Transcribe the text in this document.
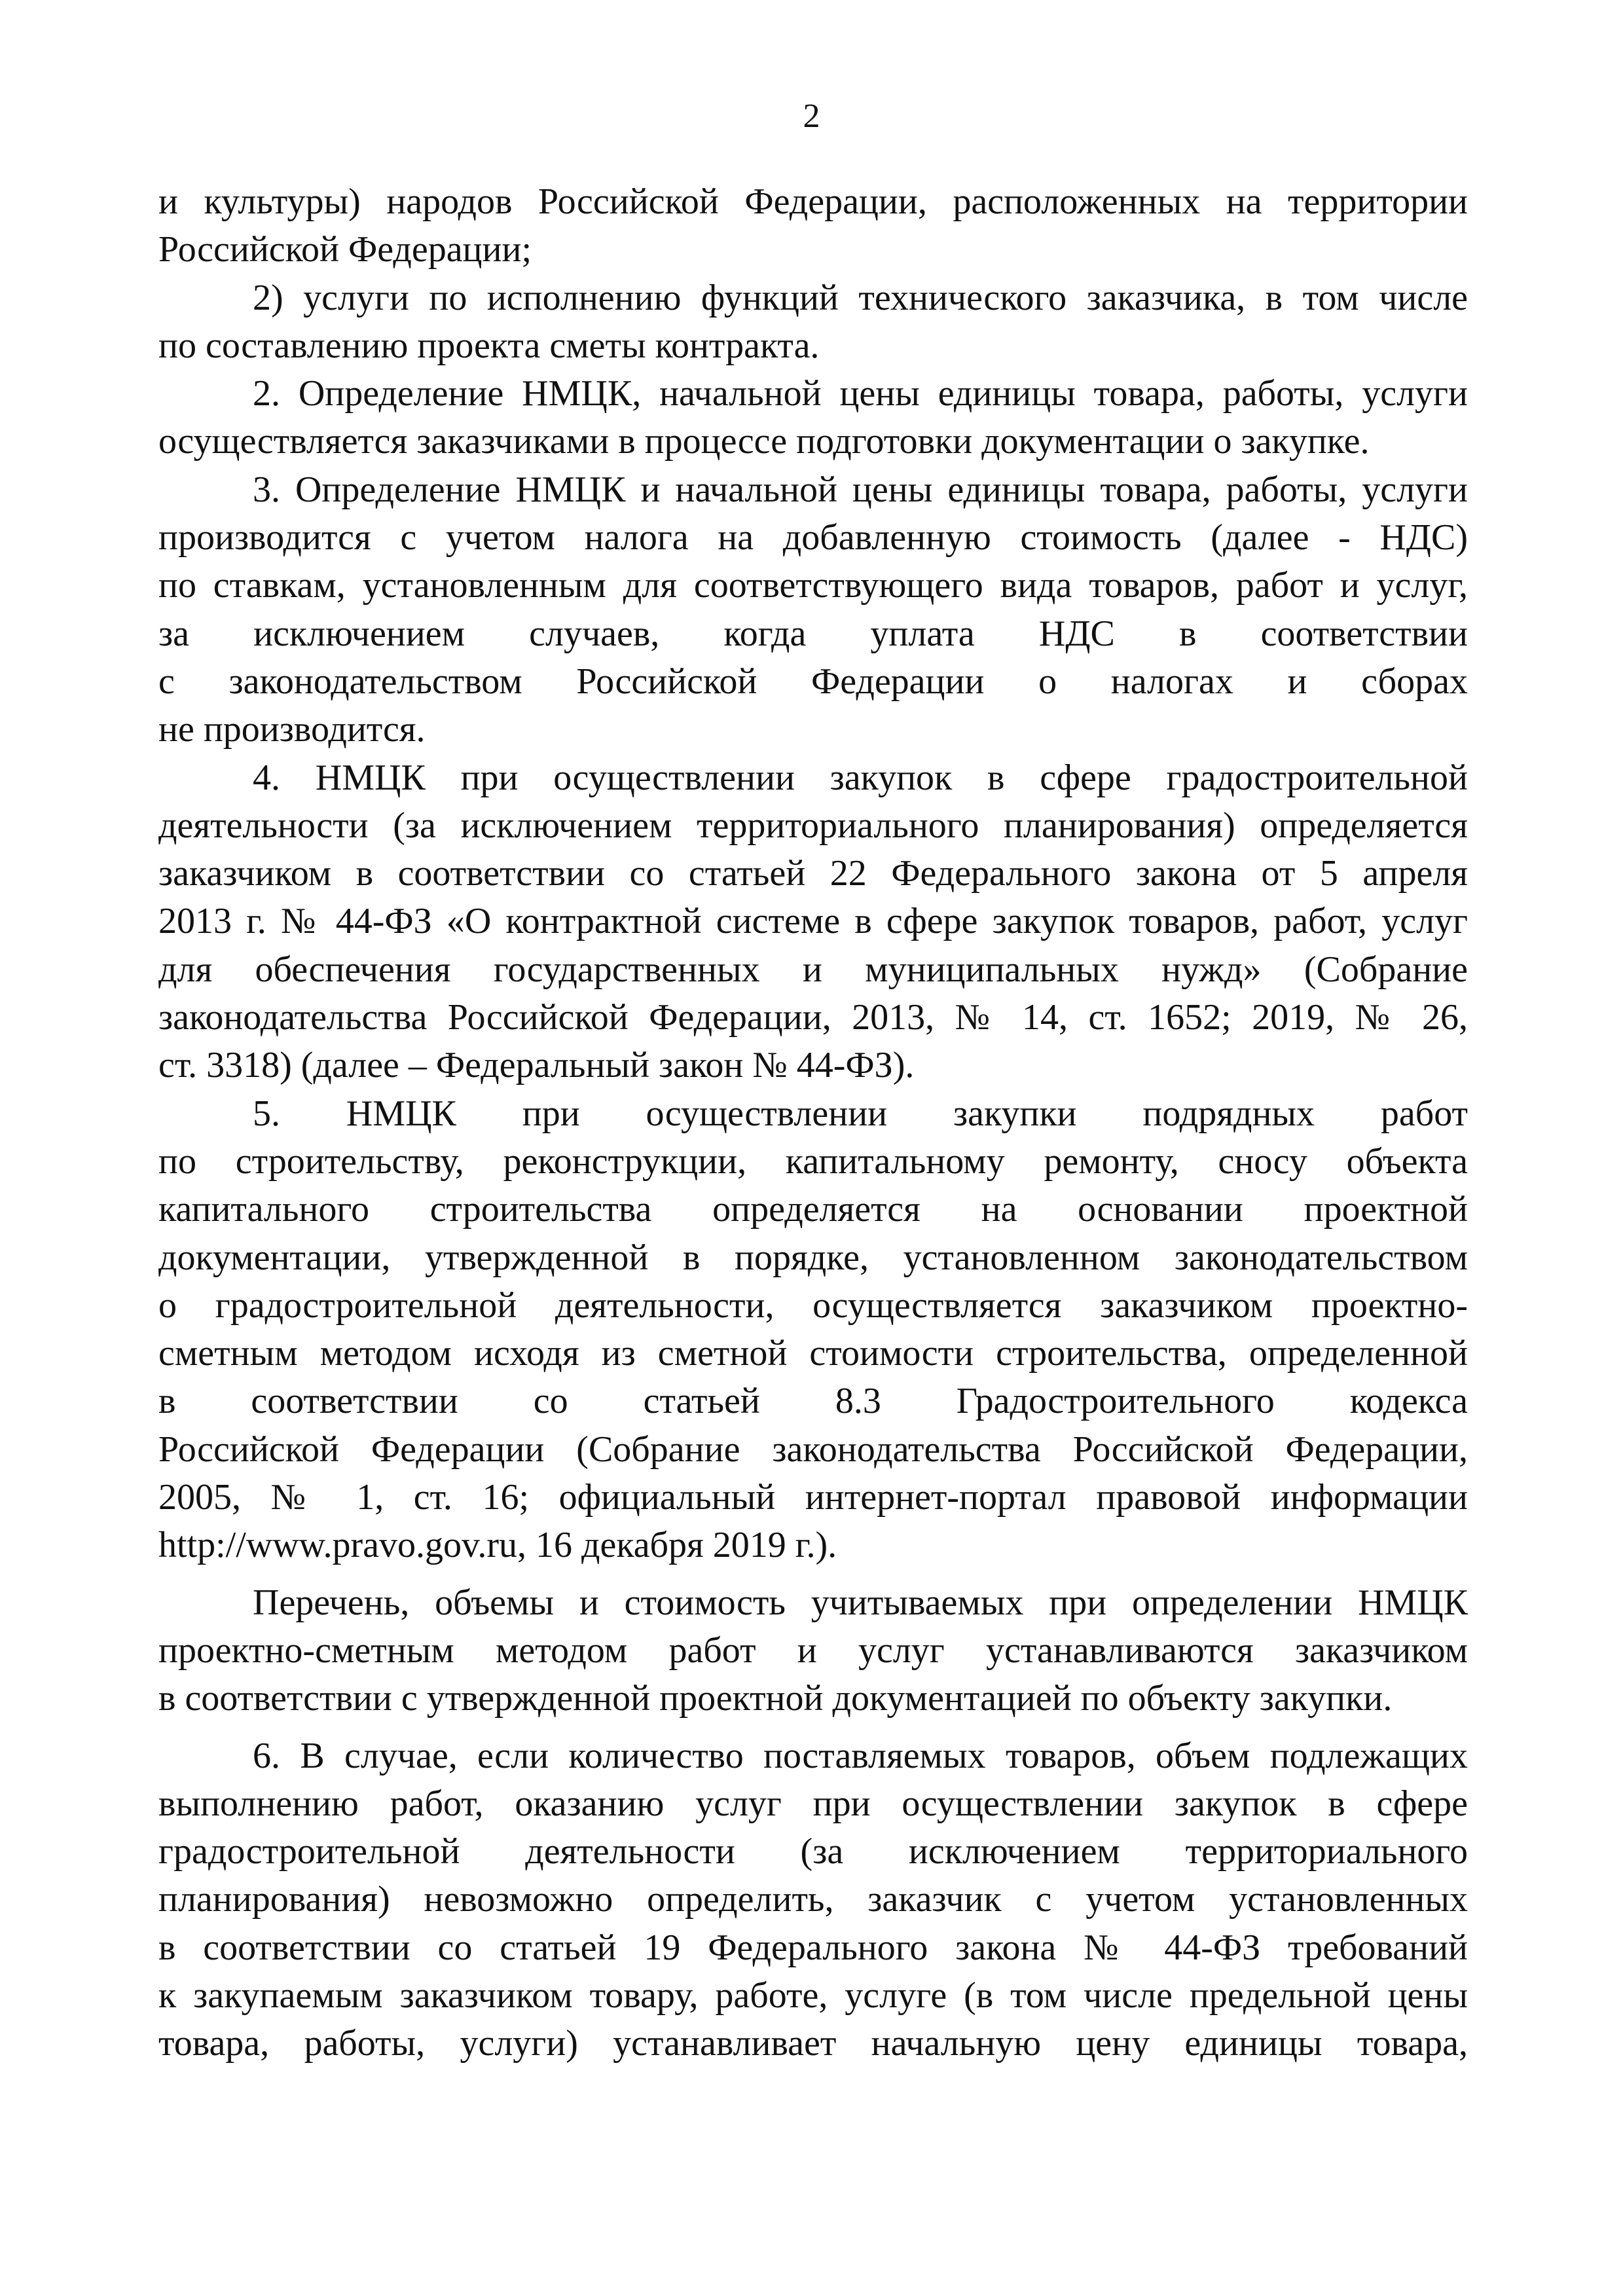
2

и культуры) народов Российской Федерации, расположенных на территории

Российской Федерации;

2) услуги по исполнению функций технического заказчика, в том числе

по составлению проекта сметы контракта.

2. Определение НМЦК, начальной цены единицы товара, работы, услуги

осуществляется заказчиками в процессе подготовки документации о закупке.

3. Определение НМЦК и начальной цены единицы товара, работы, услуги

производится с учетом налога на добавленную стоимость (далее - НДС)

по ставкам, установленным для соответствующего вида товаров, работ и услуг,

за исключением случаев, когда уплата НДС в соответствии

с законодательством Российской Федерации о налогах и сборах

не производится.

4. НМЦК при осуществлении закупок в сфере градостроительной

деятельности (за исключением территориального планирования) определяется

заказчиком в соответствии со статьей 22 Федерального закона от 5 апреля

2013 г. № 44-ФЗ «О контрактной системе в сфере закупок товаров, работ, услуг

для обеспечения государственных и муниципальных нужд» (Собрание

законодательства Российской Федерации, 2013, № 14, ст. 1652; 2019, № 26,

ст. 3318) (далее – Федеральный закон № 44-ФЗ).

5. НМЦК при осуществлении закупки подрядных работ

по строительству, реконструкции, капитальному ремонту, сносу объекта

капитального строительства определяется на основании проектной

документации, утвержденной в порядке, установленном законодательством

о градостроительной деятельности, осуществляется заказчиком проектно-

сметным методом исходя из сметной стоимости строительства, определенной

в соответствии со статьей 8.3 Градостроительного кодекса

Российской Федерации (Собрание законодательства Российской Федерации,

2005, № 1, ст. 16; официальный интернет-портал правовой информации

http://www.pravo.gov.ru, 16 декабря 2019 г.).

Перечень, объемы и стоимость учитываемых при определении НМЦК

проектно-сметным методом работ и услуг устанавливаются заказчиком

в соответствии с утвержденной проектной документацией по объекту закупки.

6. В случае, если количество поставляемых товаров, объем подлежащих

выполнению работ, оказанию услуг при осуществлении закупок в сфере

градостроительной деятельности (за исключением территориального

планирования) невозможно определить, заказчик с учетом установленных

в соответствии со статьей 19 Федерального закона № 44-ФЗ требований

к закупаемым заказчиком товару, работе, услуге (в том числе предельной цены

товара, работы, услуги) устанавливает начальную цену единицы товара,
